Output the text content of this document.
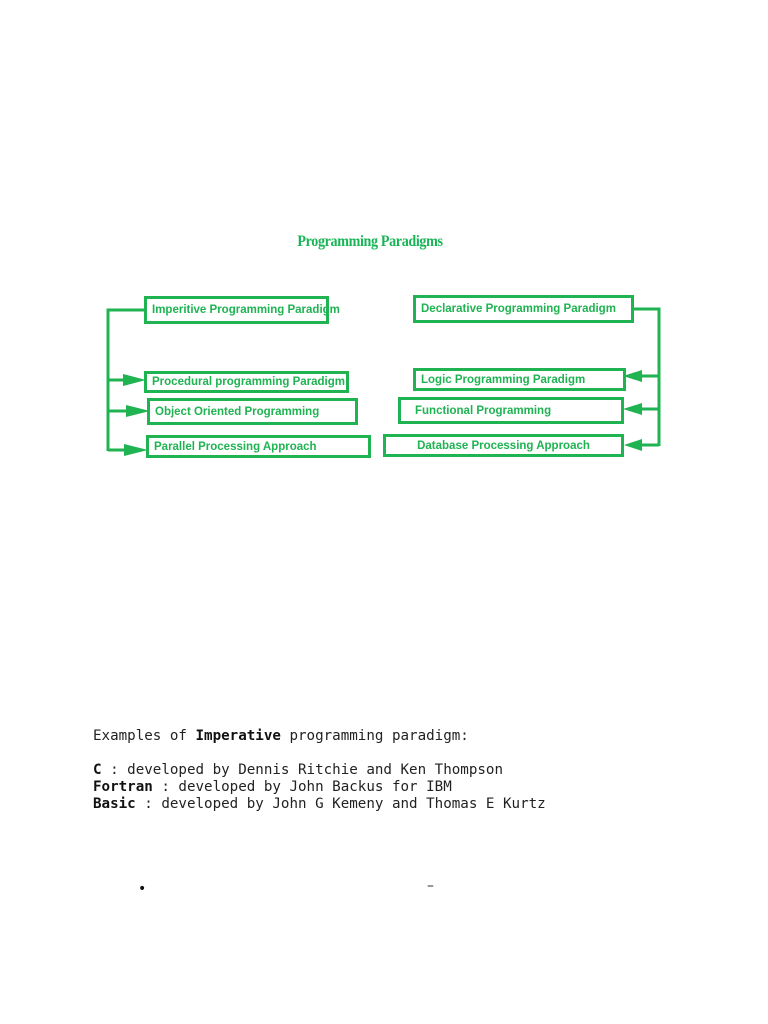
Programming Paradigms
Imperitive Programming Paradigm
Procedural programming Paradigm
Object Oriented Programming
Parallel Processing Approach
Declarative Programming Paradigm
Logic Programming Paradigm
Functional Programming
Database Processing Approach

Examples of Imperative programming paradigm:

C : developed by Dennis Ritchie and Ken Thompson

Fortran : developed by John Backus for IBM

Basic : developed by John G Kemeny and Thomas E Kurtz

•	–
